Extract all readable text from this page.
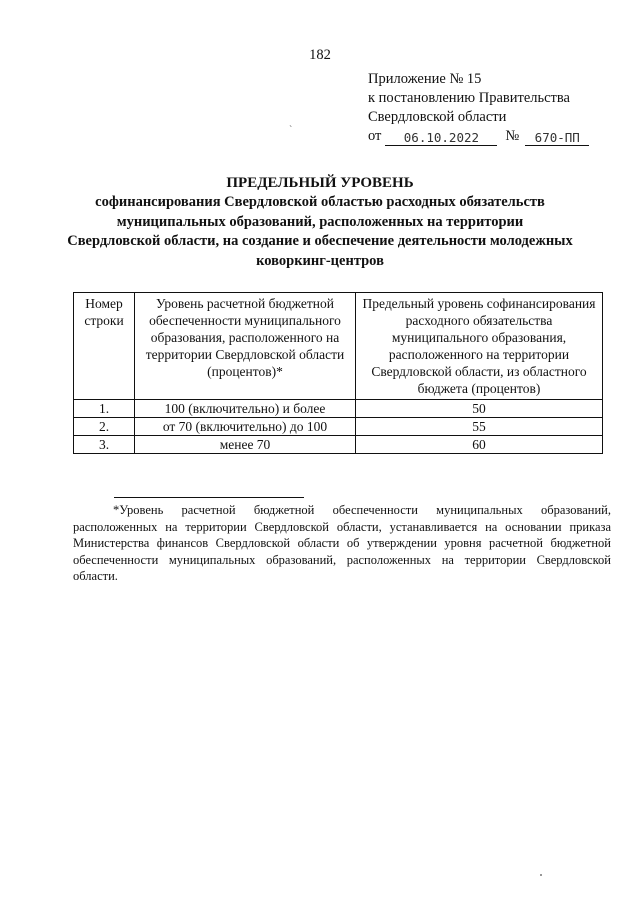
182
Приложение № 15
к постановлению Правительства
Свердловской области
от	06.10.2022	№	670-ПП
ˋ
ПРЕДЕЛЬНЫЙ УРОВЕНЬ
софинансирования Свердловской областью расходных обязательств
муниципальных образований, расположенных на территории
Свердловской области, на создание и обеспечение деятельности молодежных
коворкинг-центров
Номер строки	Уровень расчетной бюджетной обеспеченности муниципального образования, расположенного на территории Свердловской области (процентов)*	Предельный уровень софинансирования расходного обязательства муниципального образования, расположенного на территории Свердловской области, из областного бюджета (процентов)
1.	100 (включительно) и более	50
2.	от 70 (включительно) до 100	55
3.	менее 70	60
*Уровень расчетной бюджетной обеспеченности муниципальных образований, расположенных на территории Свердловской области, устанавливается на основании приказа Министерства финансов Свердловской области об утверждении уровня расчетной бюджетной обеспеченности муниципальных образований, расположенных на территории Свердловской области.
